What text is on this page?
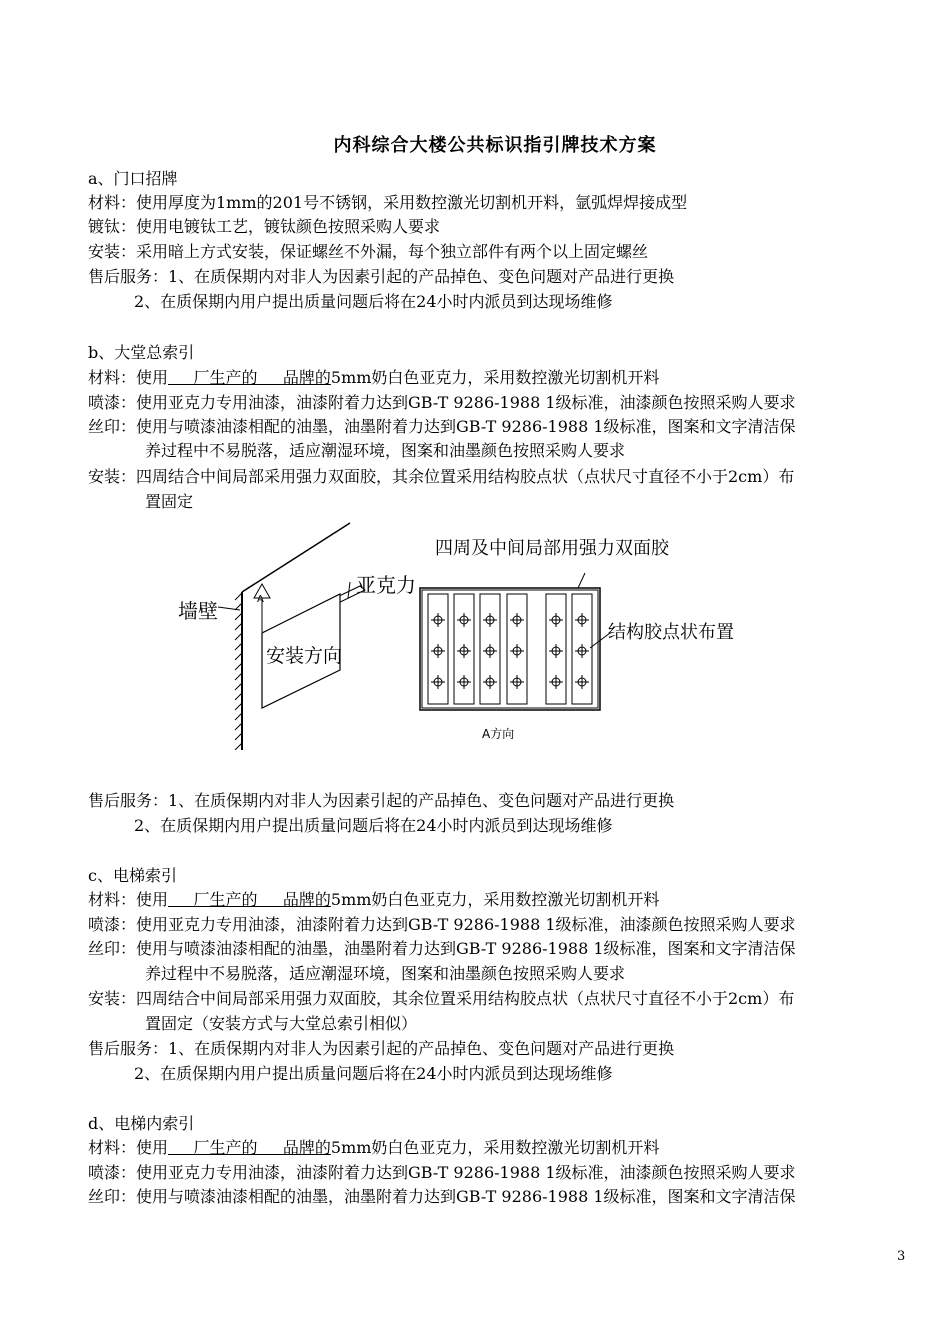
内科综合大楼公共标识指引牌技术方案
a、门口招牌
材料：使用厚度为1mm的201号不锈钢，采用数控激光切割机开料，氩弧焊焊接成型
镀钛：使用电镀钛工艺，镀钛颜色按照采购人要求
安装：采用暗上方式安装，保证螺丝不外漏，每个独立部件有两个以上固定螺丝
售后服务：1、在质保期内对非人为因素引起的产品掉色、变色问题对产品进行更换
2、在质保期内用户提出质量问题后将在24小时内派员到达现场维修
b、大堂总索引
材料：使用     厂生产的     品牌的5mm奶白色亚克力，采用数控激光切割机开料
喷漆：使用亚克力专用油漆，油漆附着力达到GB-T 9286-1988 1级标准，油漆颜色按照采购人要求
丝印：使用与喷漆油漆相配的油墨，油墨附着力达到GB-T 9286-1988 1级标准，图案和文字清洁保
养过程中不易脱落，适应潮湿环境，图案和油墨颜色按照采购人要求
安装：四周结合中间局部采用强力双面胶，其余位置采用结构胶点状（点状尺寸直径不小于2cm）布
置固定
墙壁
亚克力
安装方向
A
四周及中间局部用强力双面胶
结构胶点状布置
A方向
售后服务：1、在质保期内对非人为因素引起的产品掉色、变色问题对产品进行更换
2、在质保期内用户提出质量问题后将在24小时内派员到达现场维修
c、电梯索引
材料：使用     厂生产的     品牌的5mm奶白色亚克力，采用数控激光切割机开料
喷漆：使用亚克力专用油漆，油漆附着力达到GB-T 9286-1988 1级标准，油漆颜色按照采购人要求
丝印：使用与喷漆油漆相配的油墨，油墨附着力达到GB-T 9286-1988 1级标准，图案和文字清洁保
养过程中不易脱落，适应潮湿环境，图案和油墨颜色按照采购人要求
安装：四周结合中间局部采用强力双面胶，其余位置采用结构胶点状（点状尺寸直径不小于2cm）布
置固定（安装方式与大堂总索引相似）
售后服务：1、在质保期内对非人为因素引起的产品掉色、变色问题对产品进行更换
2、在质保期内用户提出质量问题后将在24小时内派员到达现场维修
d、电梯内索引
材料：使用     厂生产的     品牌的5mm奶白色亚克力，采用数控激光切割机开料
喷漆：使用亚克力专用油漆，油漆附着力达到GB-T 9286-1988 1级标准，油漆颜色按照采购人要求
丝印：使用与喷漆油漆相配的油墨，油墨附着力达到GB-T 9286-1988 1级标准，图案和文字清洁保
3
